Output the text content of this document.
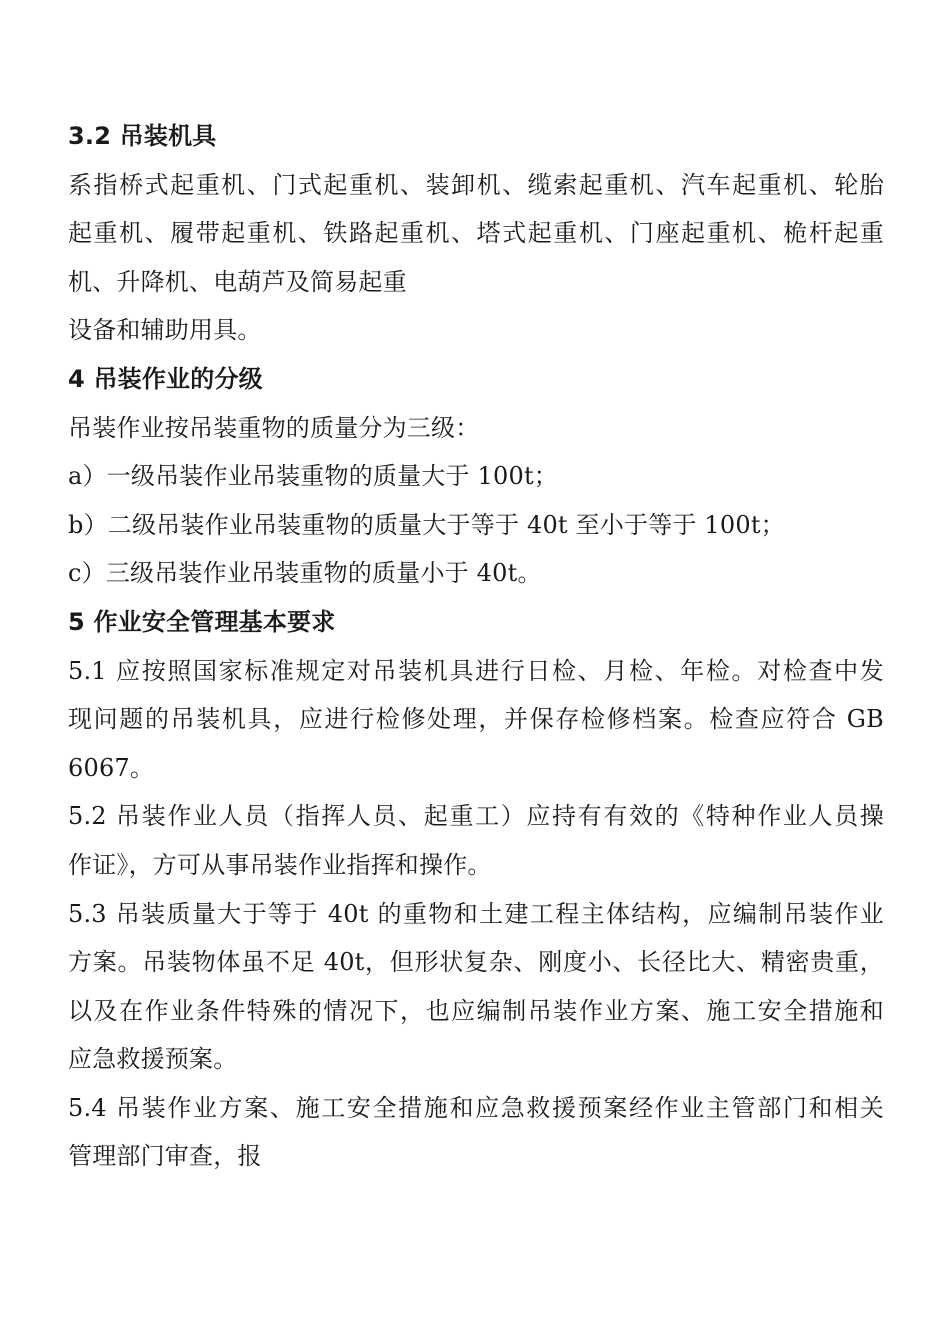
3.2 吊装机具
系指桥式起重机、门式起重机、装卸机、缆索起重机、汽车起重机、轮胎
起重机、履带起重机、铁路起重机、塔式起重机、门座起重机、桅杆起重
机、升降机、电葫芦及简易起重
设备和辅助用具。
4 吊装作业的分级
吊装作业按吊装重物的质量分为三级：
a）一级吊装作业吊装重物的质量大于 100t；
b）二级吊装作业吊装重物的质量大于等于 40t 至小于等于 100t；
c）三级吊装作业吊装重物的质量小于 40t。
5 作业安全管理基本要求
5.1 应按照国家标准规定对吊装机具进行日检、月检、年检。对检查中发
现问题的吊装机具，应进行检修处理，并保存检修档案。检查应符合 GB
6067。
5.2 吊装作业人员（指挥人员、起重工）应持有有效的《特种作业人员操
作证》，方可从事吊装作业指挥和操作。
5.3 吊装质量大于等于 40t 的重物和土建工程主体结构，应编制吊装作业
方案。吊装物体虽不足 40t，但形状复杂、刚度小、长径比大、精密贵重，
以及在作业条件特殊的情况下，也应编制吊装作业方案、施工安全措施和
应急救援预案。
5.4 吊装作业方案、施工安全措施和应急救援预案经作业主管部门和相关
管理部门审查，报
